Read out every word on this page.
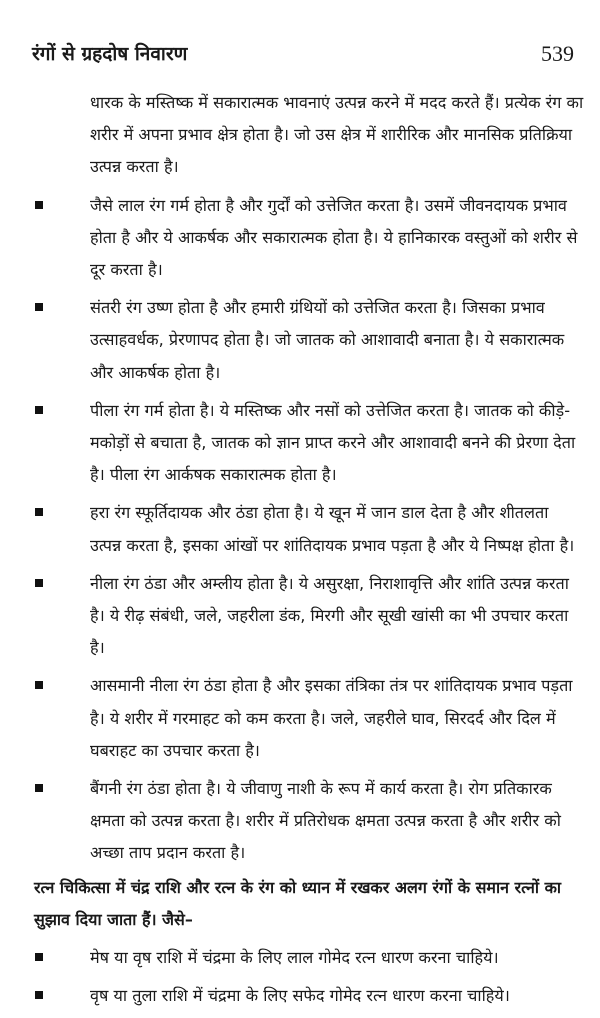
रंगों से ग्रहदोष निवारण	539

धारक के मस्तिष्क में सकारात्मक भावनाएं उत्पन्न करने में मदद करते हैं। प्रत्येक रंग का शरीर में अपना प्रभाव क्षेत्र होता है। जो उस क्षेत्र में शारीरिक और मानसिक प्रतिक्रिया उत्पन्न करता है।

जैसे लाल रंग गर्म होता है और गुर्दों को उत्तेजित करता है। उसमें जीवनदायक प्रभाव होता है और ये आकर्षक और सकारात्मक होता है। ये हानिकारक वस्तुओं को शरीर से दूर करता है।

संतरी रंग उष्ण होता है और हमारी ग्रंथियों को उत्तेजित करता है। जिसका प्रभाव उत्साहवर्धक, प्रेरणापद होता है। जो जातक को आशावादी बनाता है। ये सकारात्मक और आकर्षक होता है।

पीला रंग गर्म होता है। ये मस्तिष्क और नसों को उत्तेजित करता है। जातक को कीड़े-मकोड़ों से बचाता है, जातक को ज्ञान प्राप्त करने और आशावादी बनने की प्रेरणा देता है। पीला रंग आर्कषक सकारात्मक होता है।

हरा रंग स्फूर्तिदायक और ठंडा होता है। ये खून में जान डाल देता है और शीतलता उत्पन्न करता है, इसका आंखों पर शांतिदायक प्रभाव पड़ता है और ये निष्पक्ष होता है।

नीला रंग ठंडा और अम्लीय होता है। ये असुरक्षा, निराशावृत्ति और शांति उत्पन्न करता है। ये रीढ़ संबंधी, जले, जहरीला डंक, मिरगी और सूखी खांसी का भी उपचार करता है।

आसमानी नीला रंग ठंडा होता है और इसका तंत्रिका तंत्र पर शांतिदायक प्रभाव पड़ता है। ये शरीर में गरमाहट को कम करता है। जले, जहरीले घाव, सिरदर्द और दिल में घबराहट का उपचार करता है।

बैंगनी रंग ठंडा होता है। ये जीवाणु नाशी के रूप में कार्य करता है। रोग प्रतिकारक क्षमता को उत्पन्न करता है। शरीर में प्रतिरोधक क्षमता उत्पन्न करता है और शरीर को अच्छा ताप प्रदान करता है।

रत्न चिकित्सा में चंद्र राशि और रत्न के रंग को ध्यान में रखकर अलग रंगों के समान रत्नों का सुझाव दिया जाता हैं। जैसे–

मेष या वृष राशि में चंद्रमा के लिए लाल गोमेद रत्न धारण करना चाहिये।

वृष या तुला राशि में चंद्रमा के लिए सफेद गोमेद रत्न धारण करना चाहिये।
